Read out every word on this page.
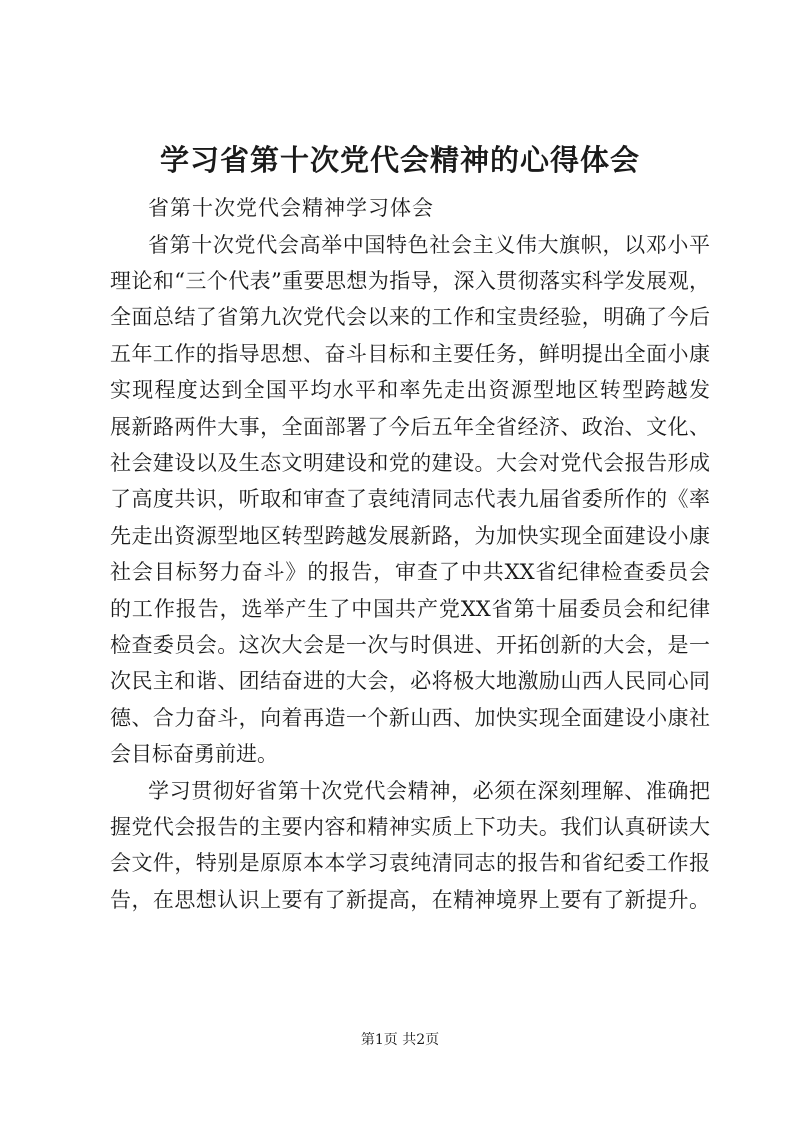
学习省第十次党代会精神的心得体会
省第十次党代会精神学习体会
省第十次党代会高举中国特色社会主义伟大旗帜，以邓小平
理论和“三个代表”重要思想为指导，深入贯彻落实科学发展观，
全面总结了省第九次党代会以来的工作和宝贵经验，明确了今后
五年工作的指导思想、奋斗目标和主要任务，鲜明提出全面小康
实现程度达到全国平均水平和率先走出资源型地区转型跨越发
展新路两件大事，全面部署了今后五年全省经济、政治、文化、
社会建设以及生态文明建设和党的建设。大会对党代会报告形成
了高度共识，听取和审查了袁纯清同志代表九届省委所作的《率
先走出资源型地区转型跨越发展新路，为加快实现全面建设小康
社会目标努力奋斗》的报告，审查了中共XX省纪律检查委员会
的工作报告，选举产生了中国共产党XX省第十届委员会和纪律
检查委员会。这次大会是一次与时俱进、开拓创新的大会，是一
次民主和谐、团结奋进的大会，必将极大地激励山西人民同心同
德、合力奋斗，向着再造一个新山西、加快实现全面建设小康社
会目标奋勇前进。
学习贯彻好省第十次党代会精神，必须在深刻理解、准确把
握党代会报告的主要内容和精神实质上下功夫。我们认真研读大
会文件，特别是原原本本学习袁纯清同志的报告和省纪委工作报
告，在思想认识上要有了新提高，在精神境界上要有了新提升。
第1页 共2页
